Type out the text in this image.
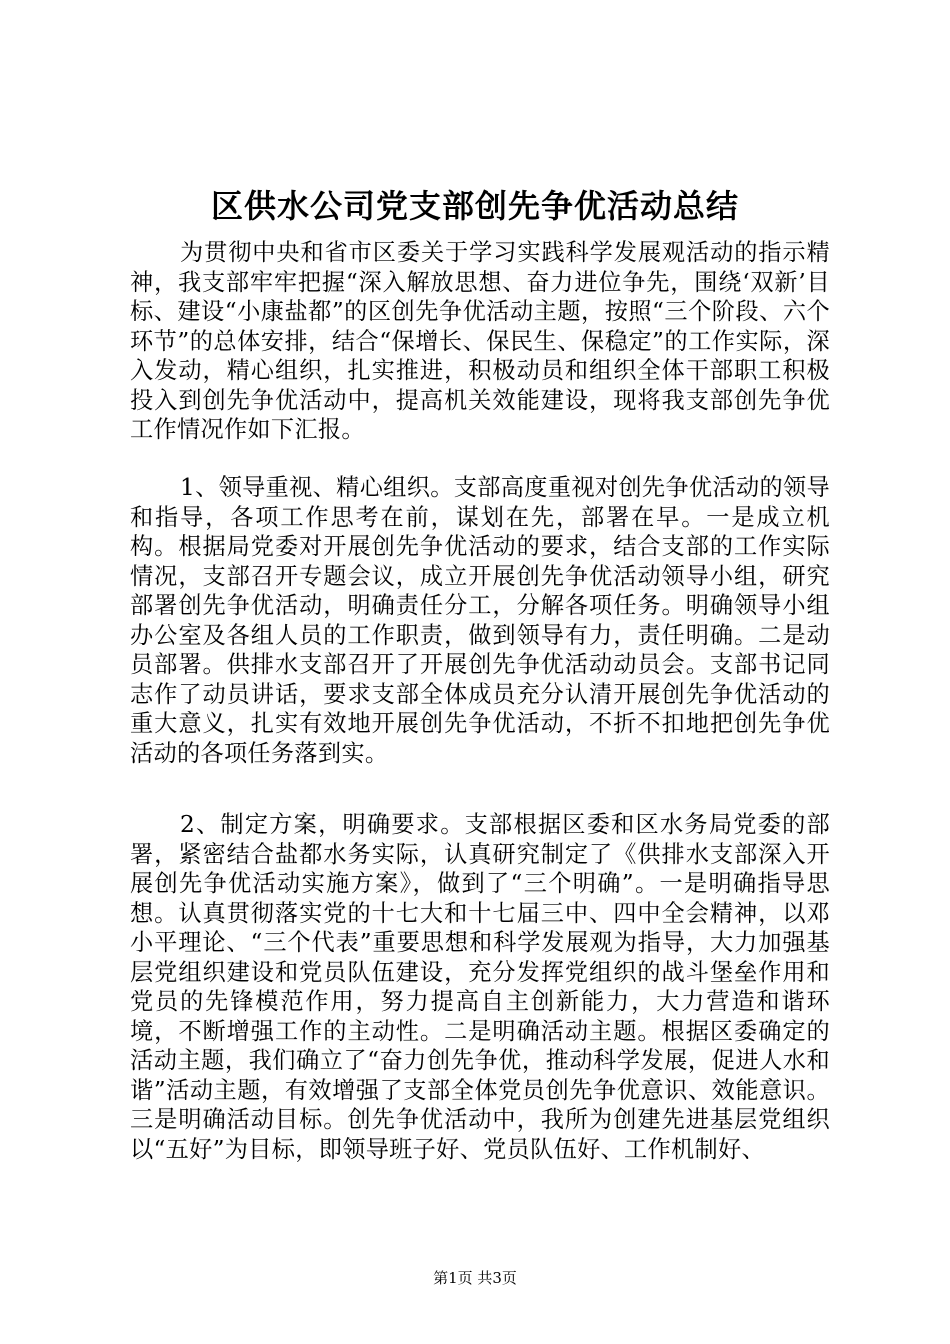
区供水公司党支部创先争优活动总结
为贯彻中央和省市区委关于学习实践科学发展观活动的指示精神，我支部牢牢把握“深入解放思想、奋力进位争先，围绕‘双新’目标、建设“小康盐都”的区创先争优活动主题，按照“三个阶段、六个环节”的总体安排，结合“保增长、保民生、保稳定”的工作实际，深入发动，精心组织，扎实推进，积极动员和组织全体干部职工积极投入到创先争优活动中，提高机关效能建设，现将我支部创先争优工作情况作如下汇报。
1、领导重视、精心组织。支部高度重视对创先争优活动的领导和指导，各项工作思考在前，谋划在先，部署在早。一是成立机构。根据局党委对开展创先争优活动的要求，结合支部的工作实际情况，支部召开专题会议，成立开展创先争优活动领导小组，研究部署创先争优活动，明确责任分工，分解各项任务。明确领导小组办公室及各组人员的工作职责，做到领导有力，责任明确。二是动员部署。供排水支部召开了开展创先争优活动动员会。支部书记同志作了动员讲话，要求支部全体成员充分认清开展创先争优活动的重大意义，扎实有效地开展创先争优活动，不折不扣地把创先争优活动的各项任务落到实。
2、制定方案，明确要求。支部根据区委和区水务局党委的部署，紧密结合盐都水务实际，认真研究制定了《供排水支部深入开展创先争优活动实施方案》，做到了“三个明确”。一是明确指导思想。认真贯彻落实党的十七大和十七届三中、四中全会精神，以邓小平理论、“三个代表”重要思想和科学发展观为指导，大力加强基层党组织建设和党员队伍建设，充分发挥党组织的战斗堡垒作用和党员的先锋模范作用，努力提高自主创新能力，大力营造和谐环境，不断增强工作的主动性。二是明确活动主题。根据区委确定的活动主题，我们确立了“奋力创先争优，推动科学发展，促进人水和谐”活动主题，有效增强了支部全体党员创先争优意识、效能意识。三是明确活动目标。创先争优活动中，我所为创建先进基层党组织以“五好”为目标，即领导班子好、党员队伍好、工作机制好、
第1页 共3页
